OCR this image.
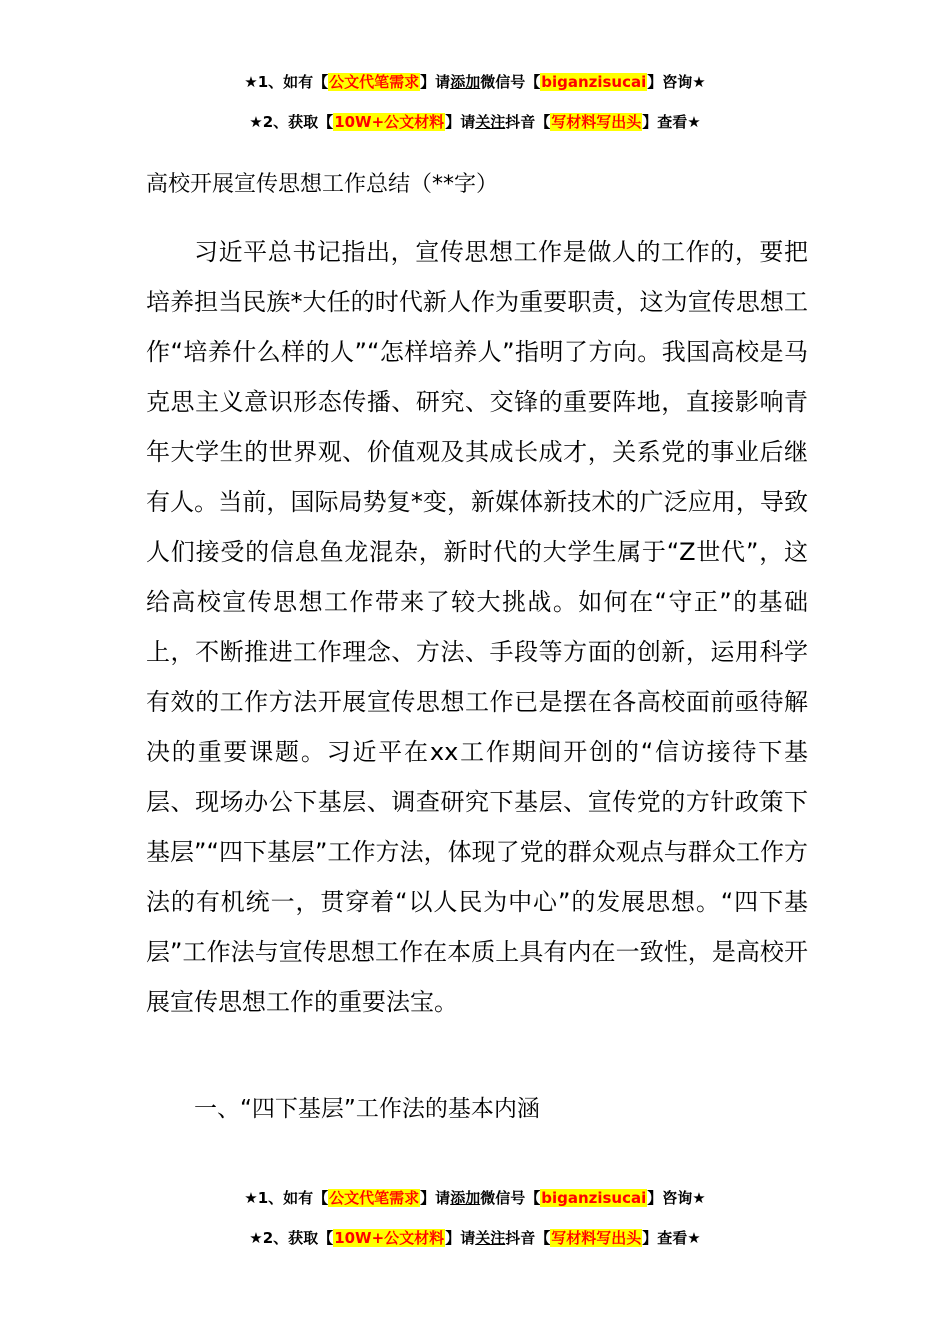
★1、如有【公文代笔需求】请添加微信号【biganzisucai】咨询★
★2、获取【10W+公文材料】请关注抖音【写材料写出头】查看★
高校开展宣传思想工作总结（**字）

习近平总书记指出，宣传思想工作是做人的工作的，要把培养担当民族*大任的时代新人作为重要职责，这为宣传思想工作“培养什么样的人”“怎样培养人”指明了方向。我国高校是马克思主义意识形态传播、研究、交锋的重要阵地，直接影响青年大学生的世界观、价值观及其成长成才，关系党的事业后继有人。当前，国际局势复*变，新媒体新技术的广泛应用，导致人们接受的信息鱼龙混杂，新时代的大学生属于“Z世代”，这给高校宣传思想工作带来了较大挑战。如何在“守正”的基础上，不断推进工作理念、方法、手段等方面的创新，运用科学有效的工作方法开展宣传思想工作已是摆在各高校面前亟待解决的重要课题。习近平在xx工作期间开创的“信访接待下基层、现场办公下基层、调查研究下基层、宣传党的方针政策下基层”“四下基层”工作方法，体现了党的群众观点与群众工作方法的有机统一，贯穿着“以人民为中心”的发展思想。“四下基层”工作法与宣传思想工作在本质上具有内在一致性，是高校开展宣传思想工作的重要法宝。

一、“四下基层”工作法的基本内涵
★1、如有【公文代笔需求】请添加微信号【biganzisucai】咨询★
★2、获取【10W+公文材料】请关注抖音【写材料写出头】查看★
